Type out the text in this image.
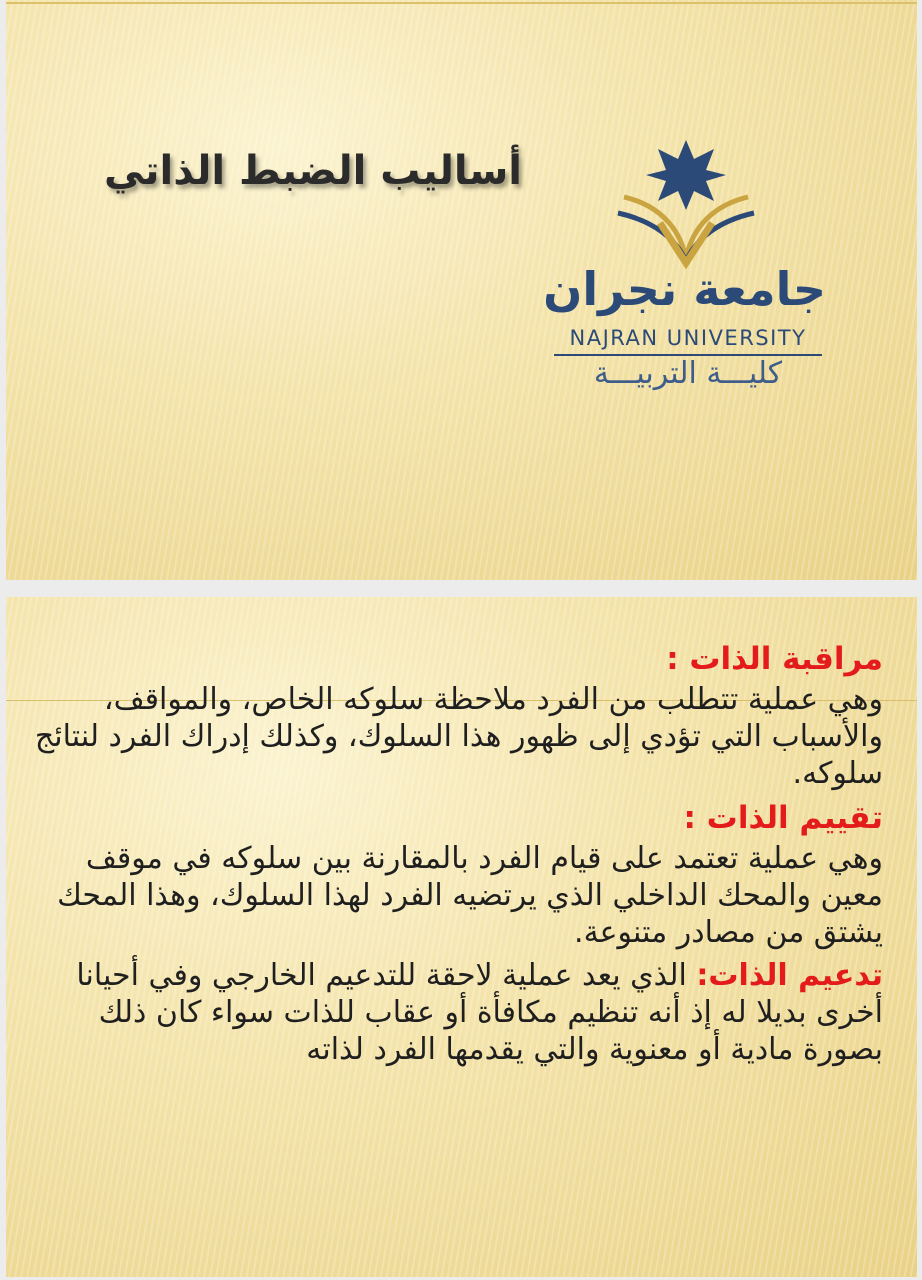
أساليب الضبط الذاتي
جامعة نجران
NAJRAN UNIVERSITY
كليـــة التربيـــة

مراقبة الذات :

وهي عملية تتطلب من الفرد ملاحظة سلوكه الخاص، والمواقف، والأسباب التي تؤدي إلى ظهور هذا السلوك، وكذلك إدراك الفرد لنتائج سلوكه.

تقييم الذات :

وهي عملية تعتمد على قيام الفرد بالمقارنة بين سلوكه في موقف معين والمحك الداخلي الذي يرتضيه الفرد لهذا السلوك، وهذا المحك يشتق من مصادر متنوعة.

تدعيم الذات: الذي يعد عملية لاحقة للتدعيم الخارجي وفي أحيانا أخرى بديلا له إذ أنه تنظيم مكافأة أو عقاب للذات سواء كان ذلك بصورة مادية أو معنوية والتي يقدمها الفرد لذاته
